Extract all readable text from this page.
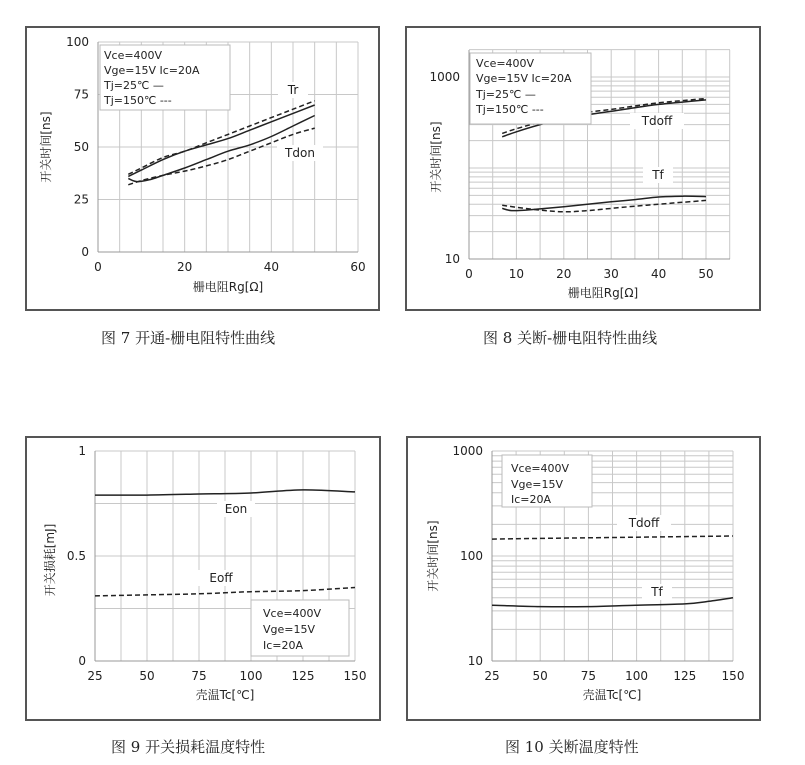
0	20	40	60
0
25
50
75
100
栅电阻Rg[Ω]
开关时间[ns]
Tr
Tdon
Vce=400V
Vge=15V Ic=20A
Tj=25℃ —
Tj=150℃ ---
0	10	20	30	40	50
10
1000
栅电阻Rg[Ω]
开关时间[ns]
Tdoff
Tf
Vce=400V
Vge=15V Ic=20A
Tj=25℃ —
Tj=150℃ ---
25	50	75	100 125 150
0
0.5
1
壳温Tc[℃]
开关损耗[mJ]
Eon
Eoff
Vce=400V
Vge=15V
Ic=20A
25	50	75 100 125 150
10
100
1000
壳温Tc[℃]
开关时间[ns]	Tdoff
Tf
Vce=400V
Vge=15V
Ic=20A
图 7 开通-栅电阻特性曲线	图 8 关断-栅电阻特性曲线
图 9 开关损耗温度特性	图 10 关断温度特性
